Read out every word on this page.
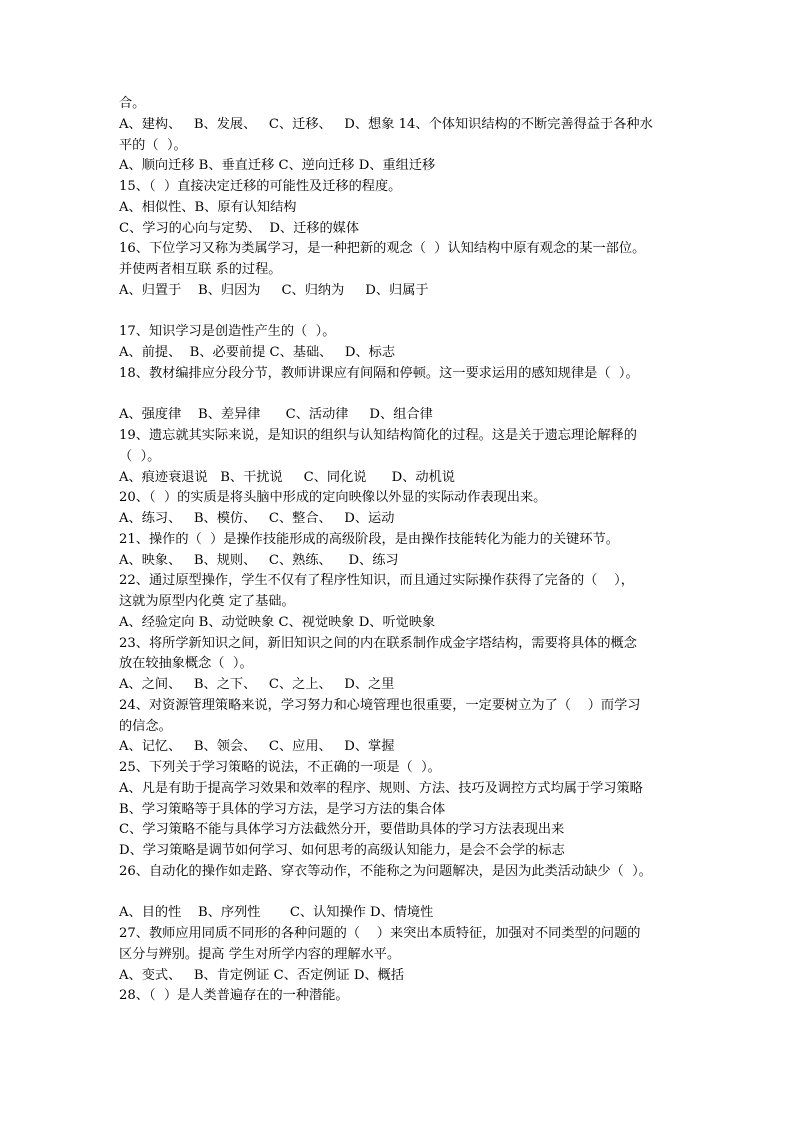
合。
A、建构、   B、发展、   C、迁移、   D、想象 14、个体知识结构的不断完善得益于各种水
平的（  ）。
A、顺向迁移 B、垂直迁移 C、逆向迁移 D、重组迁移
15、（  ）直接决定迁移的可能性及迁移的程度。
A、相似性、B、原有认知结构
C、学习的心向与定势、  D、迁移的媒体
16、下位学习又称为类属学习，是一种把新的观念（  ）认知结构中原有观念的某一部位。
并使两者相互联 系的过程。
A、归置于    B、归因为     C、归纳为     D、归属于
17、知识学习是创造性产生的（  ）。
A、前提、  B、必要前提 C、基础、   D、标志
18、教材编排应分段分节，教师讲课应有间隔和停顿。这一要求运用的感知规律是（  ）。
A、强度律    B、差异律      C、活动律     D、组合律
19、遗忘就其实际来说，是知识的组织与认知结构简化的过程。这是关于遗忘理论解释的
（  ）。
A、痕迹衰退说   B、干扰说     C、同化说      D、动机说
20、（  ）的实质是将头脑中形成的定向映像以外显的实际动作表现出来。
A、练习、   B、模仿、   C、整合、   D、运动
21、操作的（  ）是操作技能形成的高级阶段，是由操作技能转化为能力的关键环节。
A、映象、   B、规则、   C、熟练、    D、练习
22、通过原型操作，学生不仅有了程序性知识，而且通过实际操作获得了完备的（    ），
这就为原型内化奠 定了基础。
A、经验定向 B、动觉映象 C、视觉映象 D、听觉映象
23、将所学新知识之间，新旧知识之间的内在联系制作成金字塔结构，需要将具体的概念
放在较抽象概念（  ）。
A、之间、   B、之下、   C、之上、   D、之里
24、对资源管理策略来说，学习努力和心境管理也很重要，一定要树立为了（    ）而学习
的信念。
A、记忆、   B、领会、   C、应用、   D、掌握
25、下列关于学习策略的说法，不正确的一项是（  ）。
A、凡是有助于提高学习效果和效率的程序、规则、方法、技巧及调控方式均属于学习策略
B、学习策略等于具体的学习方法，是学习方法的集合体
C、学习策略不能与具体学习方法截然分开，要借助具体的学习方法表现出来
D、学习策略是调节如何学习、如何思考的高级认知能力，是会不会学的标志
26、自动化的操作如走路、穿衣等动作，不能称之为问题解决，是因为此类活动缺少（  ）。
A、目的性    B、序列性       C、认知操作 D、情境性
27、教师应用同质不同形的各种问题的（    ）来突出本质特征，加强对不同类型的问题的
区分与辨别。提高 学生对所学内容的理解水平。
A、变式、   B、肯定例证 C、否定例证 D、概括
28、（  ）是人类普遍存在的一种潜能。
